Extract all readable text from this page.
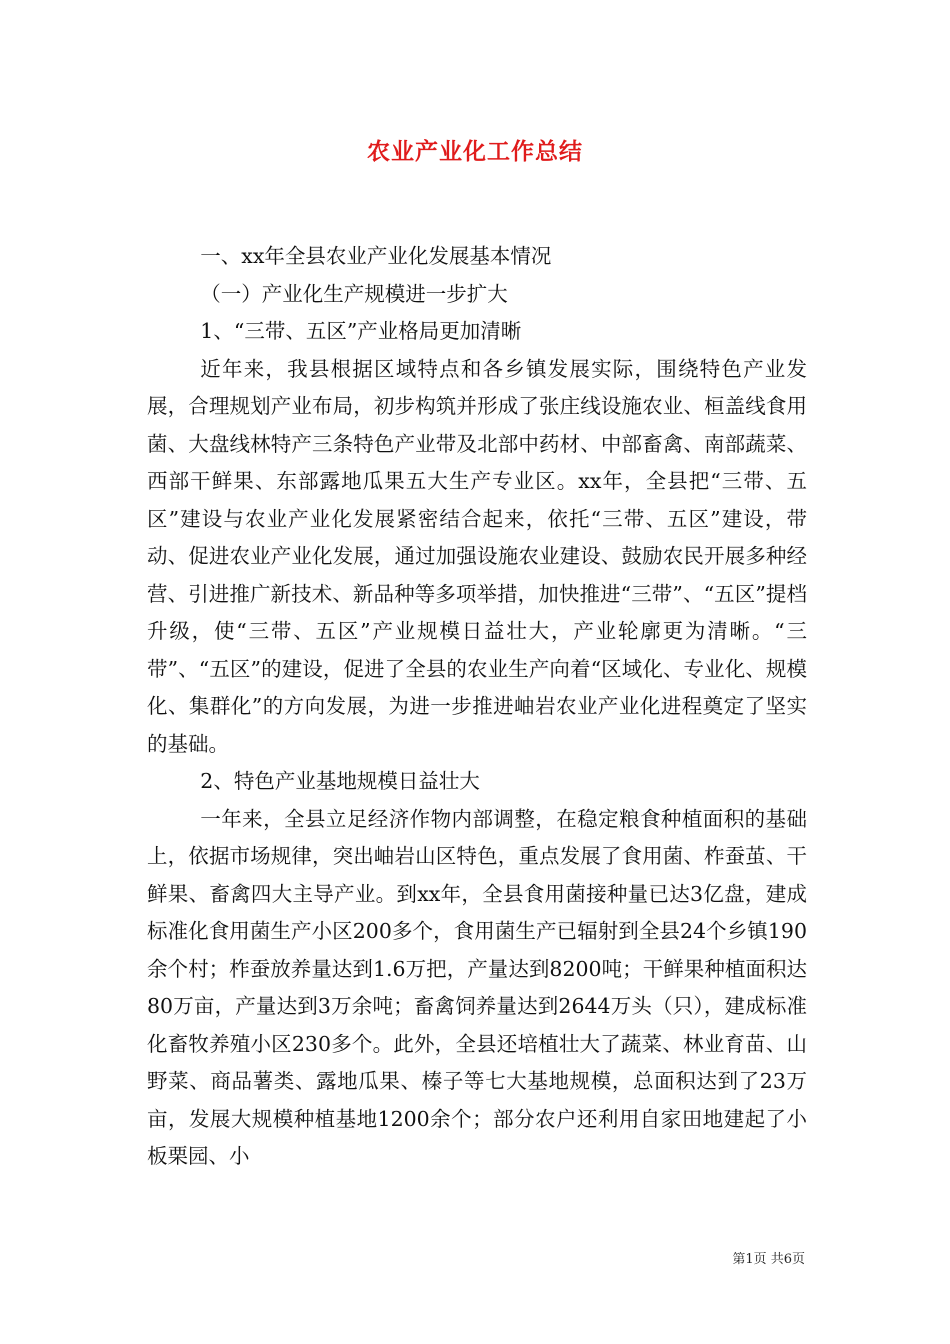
农业产业化工作总结

一、xx年全县农业产业化发展基本情况

（一）产业化生产规模进一步扩大

1、“三带、五区”产业格局更加清晰

近年来，我县根据区域特点和各乡镇发展实际，围绕特色产业发展，合理规划产业布局，初步构筑并形成了张庄线设施农业、桓盖线食用菌、大盘线林特产三条特色产业带及北部中药材、中部畜禽、南部蔬菜、西部干鲜果、东部露地瓜果五大生产专业区。xx年，全县把“三带、五区”建设与农业产业化发展紧密结合起来，依托“三带、五区”建设，带动、促进农业产业化发展，通过加强设施农业建设、鼓励农民开展多种经营、引进推广新技术、新品种等多项举措，加快推进“三带”、“五区”提档升级，使“三带、五区”产业规模日益壮大，产业轮廓更为清晰。“三带”、“五区”的建设，促进了全县的农业生产向着“区域化、专业化、规模化、集群化”的方向发展，为进一步推进岫岩农业产业化进程奠定了坚实的基础。

2、特色产业基地规模日益壮大

一年来，全县立足经济作物内部调整，在稳定粮食种植面积的基础上，依据市场规律，突出岫岩山区特色，重点发展了食用菌、柞蚕茧、干鲜果、畜禽四大主导产业。到xx年，全县食用菌接种量已达3亿盘，建成标准化食用菌生产小区200多个，食用菌生产已辐射到全县24个乡镇190余个村；柞蚕放养量达到1.6万把，产量达到8200吨；干鲜果种植面积达80万亩，产量达到3万余吨；畜禽饲养量达到2644万头（只），建成标准化畜牧养殖小区230多个。此外，全县还培植壮大了蔬菜、林业育苗、山野菜、商品薯类、露地瓜果、榛子等七大基地规模，总面积达到了23万亩，发展大规模种植基地1200余个；部分农户还利用自家田地建起了小板栗园、小

第1页 共6页
